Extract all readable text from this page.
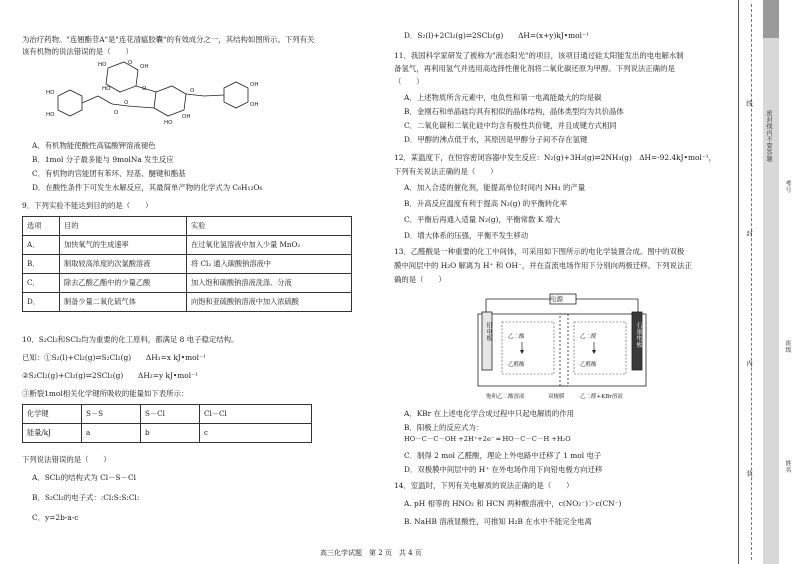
为治疗药物。"连翘酯苷A"是"连花清瘟胶囊"的有效成分之一，其结构如图所示。下列有关
该有机物的说法错误的是（　　）
HO	O
OH
HO	O
HO
HO	O
O
HO
OH
O
OH
OH
A．有机物能使酸性高锰酸钾溶液褪色
B．1mol 分子最多能与 9molNa 发生反应
C．有机物的官能团有苯环、羟基、醚键和酯基
D．在酸性条件下可发生水解反应，其最简单产物的化学式为 C₆H₁₂O₆
9．下列实验不能达到目的的是（　　）
选项	目的	实验
A．	加快氧气的生成速率	在过氧化氢溶液中加入少量 MnO₂
B．	制取较高浓度的次氯酸溶液	将 Cl₂ 通入碳酸钠溶液中
C．	除去乙酸乙酯中的少量乙酸	加入饱和碳酸钠溶液洗涤、分液
D．	制备少量二氧化硫气体	向饱和亚硫酸钠溶液中加入浓硫酸
10．S₂Cl₂和SCl₂均为重要的化工原料，都满足 8 电子稳定结构。
已知：①S₂(l)+Cl₂(g)⇌S₂Cl₂(g)　　ΔH₁=x kJ•mol⁻¹
②S₂Cl₂(g)+Cl₂(g)⇌2SCl₂(g)　　ΔH₂=y kJ•mol⁻¹
③断裂1mol相关化学键所吸收的能量如下表所示：
化学键	S－S	S－Cl	Cl－Cl
能量/kJ	a	b	c
下列说法错误的是（　　）
A．SCl₂的结构式为 Cl－S－Cl
B．S₂Cl₂的电子式：:Cl:S:S:Cl:
C．y=2b-a-c
D．S₂(l)+2Cl₂(g)⇌2SCl₂(g)　　ΔH=(x+y)kJ•mol⁻¹
11．我国科学家研发了被称为"液态阳光"的项目，该项目通过硅太阳能发出的电电解水制
备氢气，再利用氢气并选用高选择性催化剂将二氧化碳还原为甲醇。下列说法正确的是
（　　）
A．上述物质所含元素中，电负性和第一电离能最大的均是碳
B．金刚石和单晶硅均具有相似的晶体结构，晶体类型均为共价晶体
C．二氧化碳和二氧化硅中均含有极性共价键，并且成键方式相同
D．甲醇的沸点低于水，其原因是甲醇分子间不存在氢键
12．某温度下，在恒容密闭容器中发生反应：N₂(g)+3H₂(g)⇌2NH₃(g)　ΔH=-92.4kJ•mol⁻¹，
下列有关说法正确的是（　　）
A．加入合适的催化剂，能提高单位时间内 NH₃ 的产量
B．升高反应温度有利于提高 N₂(g) 的平衡转化率
C．平衡后再通入适量 N₂(g)，平衡常数 K 增大
D．增大体系的压强，平衡不发生移动
13．乙醛酸是一种重要的化工中间体，可采用如下图所示的电化学装置合成。图中的双极
膜中间层中的 H₂O 解离为 H⁺ 和 OH⁻，并在直流电场作用下分别向两极迁移。下列说法正
确的是（　　）
电源
铅电极	石墨电极
乙二酸
乙醛酸
乙二醛
乙醛酸
饱和乙二酸溶液	双极膜	乙二醛+KBr溶液
A．KBr 在上述电化学合成过程中只起电解质的作用
B．阳极上的反应式为：
HO－C－C－OH +2H⁺+2e⁻ ═ HO－C－C－H +H₂O
C．制得 2 mol 乙醛酸，理论上外电路中迁移了 1 mol 电子
D．双极膜中间层中的 H⁺ 在外电场作用下向铅电极方向迁移
14．室温时，下列有关电解质的说法正确的是（　　）
A. pH 相等的 HNO₂ 和 HCN 两种酸溶液中，c(NO₂⁻)＞c(CN⁻)
B. NaHB 溶液显酸性，可推知 H₂B 在水中不能完全电离
高三化学试题　第 2 页　共 4 页
线
封
内
装
密封线内不要答题
考号
班级
姓名
